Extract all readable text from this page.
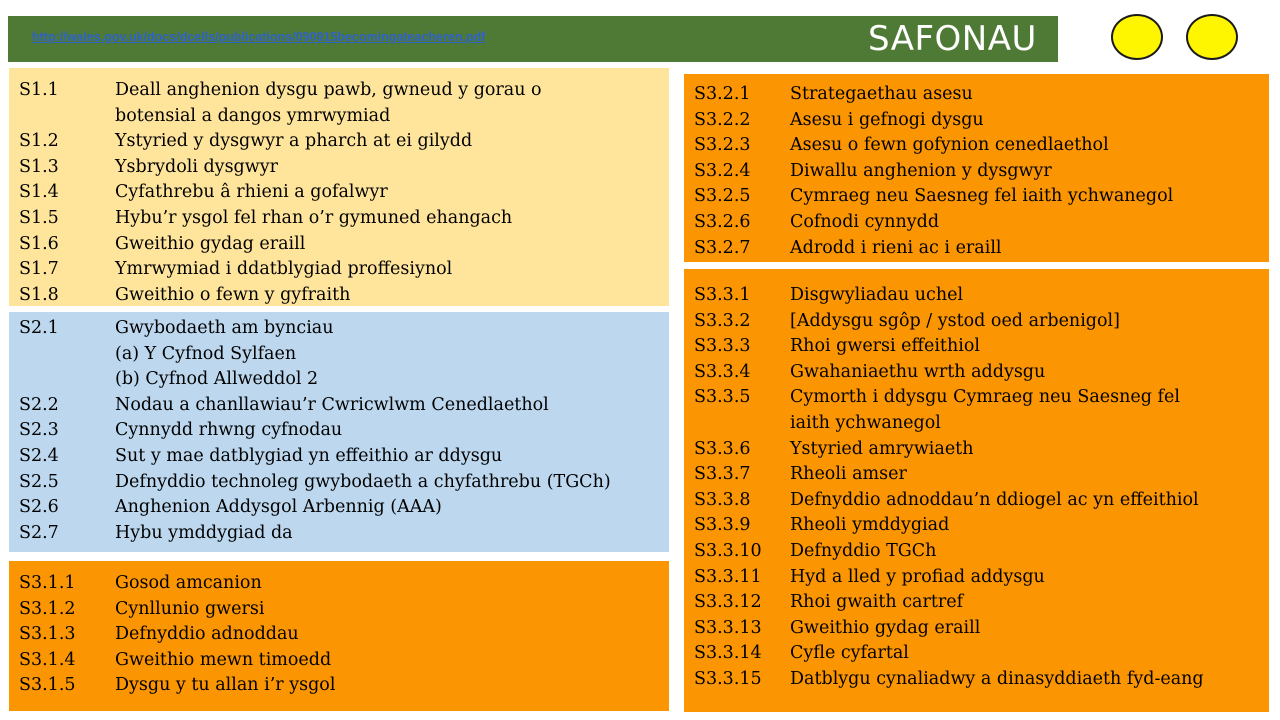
http://wales.gov.uk/docs/dcells/publications/090915becomingateacheren.pdf	SAFONAU
S1.1	Deall anghenion dysgu pawb, gwneud y gorau o botensial a dangos ymrwymiad
S1.2	Ystyried y dysgwyr a pharch at ei gilydd
S1.3	Ysbrydoli dysgwyr
S1.4	Cyfathrebu â rhieni a gofalwyr
S1.5	Hybu’r ysgol fel rhan o’r gymuned ehangach
S1.6	Gweithio gydag eraill
S1.7	Ymrwymiad i ddatblygiad proffesiynol
S1.8	Gweithio o fewn y gyfraith
S2.1	Gwybodaeth am bynciau
(a) Y Cyfnod Sylfaen
(b) Cyfnod Allweddol 2
S2.2	Nodau a chanllawiau’r Cwricwlwm Cenedlaethol
S2.3	Cynnydd rhwng cyfnodau
S2.4	Sut y mae datblygiad yn effeithio ar ddysgu
S2.5	Defnyddio technoleg gwybodaeth a chyfathrebu (TGCh)
S2.6	Anghenion Addysgol Arbennig (AAA)
S2.7	Hybu ymddygiad da
S3.1.1	Gosod amcanion
S3.1.2	Cynllunio gwersi
S3.1.3	Defnyddio adnoddau
S3.1.4	Gweithio mewn timoedd
S3.1.5	Dysgu y tu allan i’r ysgol
S3.2.1	Strategaethau asesu
S3.2.2	Asesu i gefnogi dysgu
S3.2.3	Asesu o fewn gofynion cenedlaethol
S3.2.4	Diwallu anghenion y dysgwyr
S3.2.5	Cymraeg neu Saesneg fel iaith ychwanegol
S3.2.6	Cofnodi cynnydd
S3.2.7	Adrodd i rieni ac i eraill
S3.3.1	Disgwyliadau uchel
S3.3.2	[Addysgu sgôp / ystod oed arbenigol]
S3.3.3	Rhoi gwersi effeithiol
S3.3.4	Gwahaniaethu wrth addysgu
S3.3.5	Cymorth i ddysgu Cymraeg neu Saesneg fel
iaith ychwanegol
S3.3.6	Ystyried amrywiaeth
S3.3.7	Rheoli amser
S3.3.8	Defnyddio adnoddau’n ddiogel ac yn effeithiol
S3.3.9	Rheoli ymddygiad
S3.3.10	Defnyddio TGCh
S3.3.11	Hyd a lled y profiad addysgu
S3.3.12	Rhoi gwaith cartref
S3.3.13	Gweithio gydag eraill
S3.3.14	Cyfle cyfartal
S3.3.15	Datblygu cynaliadwy a dinasyddiaeth fyd-eang
